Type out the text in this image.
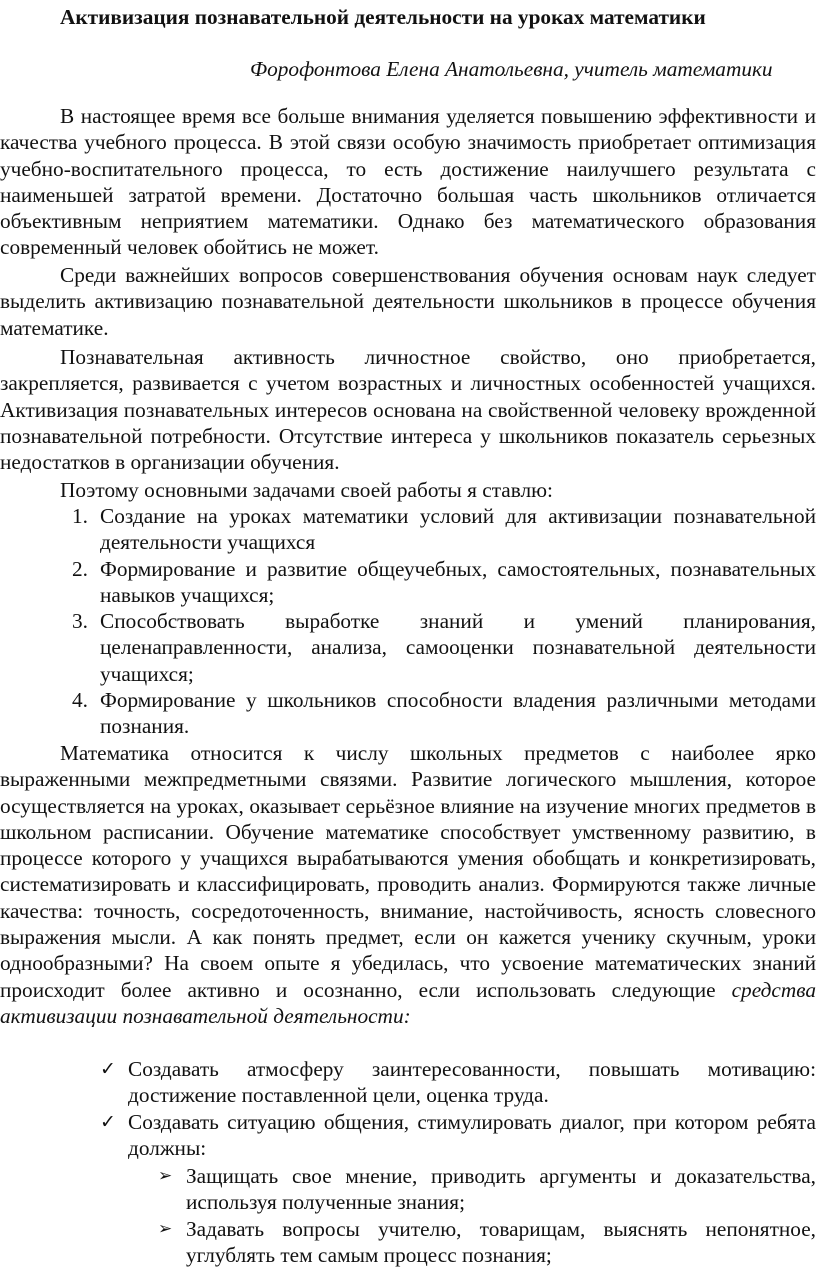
Активизация познавательной деятельности на уроках математики
Форофонтова Елена Анатольевна, учитель математики

В настоящее время все больше внимания уделяется повышению эффективности и качества учебного процесса. В этой связи особую значимость приобретает оптимизация учебно-воспитательного процесса, то есть достижение наилучшего результата с наименьшей затратой времени. Достаточно большая часть школьников отличается объективным неприятием математики. Однако без математического образования современный человек обойтись не может.

Среди важнейших вопросов совершенствования обучения основам наук следует выделить активизацию познавательной деятельности школьников в процессе обучения математике.

Познавательная активность личностное свойство, оно приобретается, закрепляется, развивается с учетом возрастных и личностных особенностей учащихся. Активизация познавательных интересов основана на свойственной человеку врожденной познавательной потребности. Отсутствие интереса у школьников показатель серьезных недостатков в организации обучения.

Поэтому основными задачами своей работы я ставлю:

1. Создание на уроках математики условий для активизации познавательной деятельности учащихся
2. Формирование и развитие общеучебных, самостоятельных, познавательных навыков учащихся;
3. Способствовать выработке знаний и умений планирования, целенаправленности, анализа, самооценки познавательной деятельности учащихся;
4. Формирование у школьников способности владения различными методами познания.

Математика относится к числу школьных предметов с наиболее ярко выраженными межпредметными связями. Развитие логического мышления, которое осуществляется на уроках, оказывает серьёзное влияние на изучение многих предметов в школьном расписании. Обучение математике способствует умственному развитию, в процессе которого у учащихся вырабатываются умения обобщать и конкретизировать, систематизировать и классифицировать, проводить анализ. Формируются также личные качества: точность, сосредоточенность, внимание, настойчивость, ясность словесного выражения мысли. А как понять предмет, если он кажется ученику скучным, уроки однообразными? На своем опыте я убедилась, что усвоение математических знаний происходит более активно и осознанно, если использовать следующие средства активизации познавательной деятельности:

✓ Создавать атмосферу заинтересованности, повышать мотивацию: достижение поставленной цели, оценка труда.
✓ Создавать ситуацию общения, стимулировать диалог, при котором ребята должны:
➢ Защищать свое мнение, приводить аргументы и доказательства, используя полученные знания;
➢ Задавать вопросы учителю, товарищам, выяснять непонятное, углублять тем самым процесс познания;
